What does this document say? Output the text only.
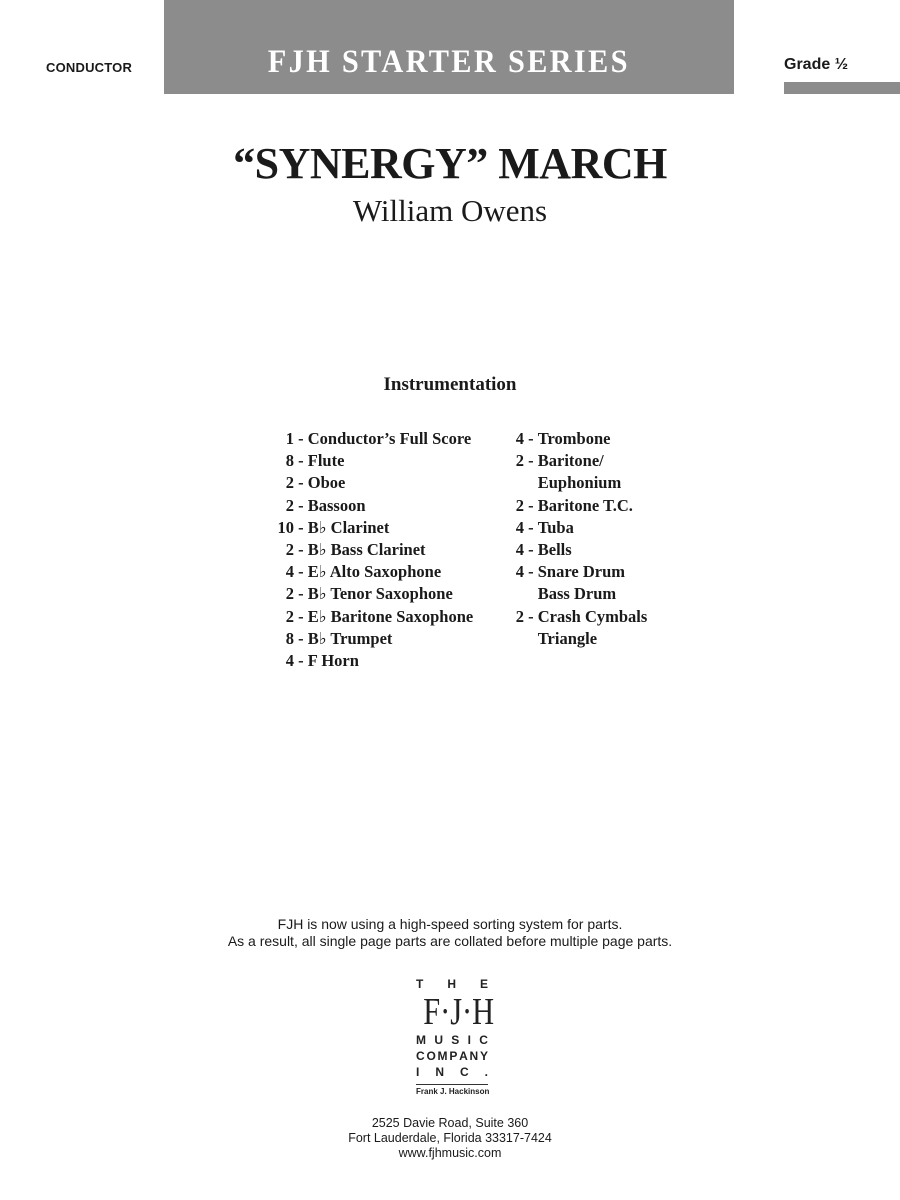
CONDUCTOR	FJH STARTER SERIES	Grade ½
“SYNERGY” MARCH
William Owens
Instrumentation
1 - Conductor’s Full Score
8 - Flute
2 - Oboe
2 - Bassoon
10 - B♭ Clarinet
2 - B♭ Bass Clarinet
4 - E♭ Alto Saxophone
2 - B♭ Tenor Saxophone
2 - E♭ Baritone Saxophone
8 - B♭ Trumpet
4 - F Horn
4 - Trombone
2 - Baritone/
Euphonium
2 - Baritone T.C.
4 - Tuba
4 - Bells
4 - Snare Drum
Bass Drum
2 - Crash Cymbals
Triangle
FJH is now using a high-speed sorting system for parts.
As a result, all single page parts are collated before multiple page parts.
T H E
F·J·H
M U S I C
C O M P A N Y
I N C .
Frank J. Hackinson
2525 Davie Road, Suite 360
Fort Lauderdale, Florida 33317-7424
www.fjhmusic.com
